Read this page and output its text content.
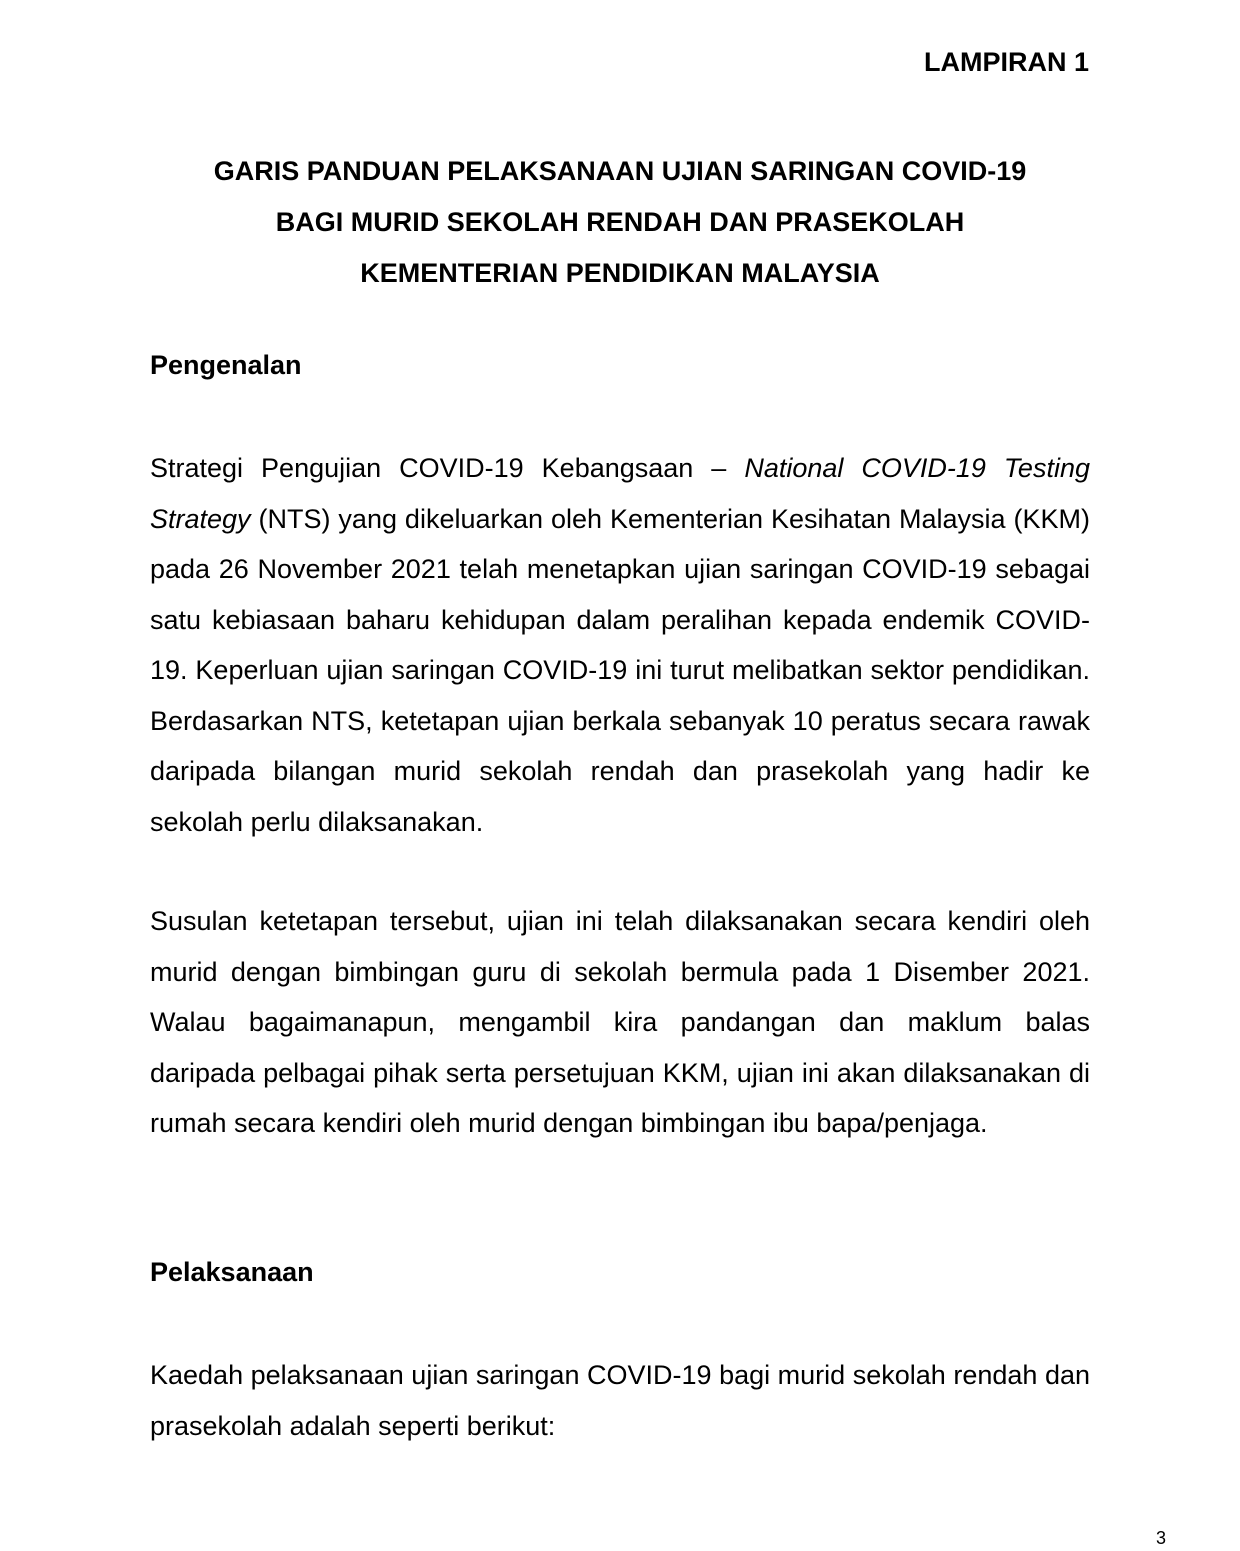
LAMPIRAN 1

GARIS PANDUAN PELAKSANAAN UJIAN SARINGAN COVID-19
BAGI MURID SEKOLAH RENDAH DAN PRASEKOLAH
KEMENTERIAN PENDIDIKAN MALAYSIA
Pengenalan

Strategi Pengujian COVID-19 Kebangsaan – National COVID-19 Testing Strategy (NTS) yang dikeluarkan oleh Kementerian Kesihatan Malaysia (KKM) pada 26 November 2021 telah menetapkan ujian saringan COVID-19 sebagai satu kebiasaan baharu kehidupan dalam peralihan kepada endemik COVID-19. Keperluan ujian saringan COVID-19 ini turut melibatkan sektor pendidikan. Berdasarkan NTS, ketetapan ujian berkala sebanyak 10 peratus secara rawak daripada bilangan murid sekolah rendah dan prasekolah yang hadir ke sekolah perlu dilaksanakan.

Susulan ketetapan tersebut, ujian ini telah dilaksanakan secara kendiri oleh murid dengan bimbingan guru di sekolah bermula pada 1 Disember 2021. Walau bagaimanapun, mengambil kira pandangan dan maklum balas daripada pelbagai pihak serta persetujuan KKM, ujian ini akan dilaksanakan di rumah secara kendiri oleh murid dengan bimbingan ibu bapa/penjaga.

Pelaksanaan

Kaedah pelaksanaan ujian saringan COVID-19 bagi murid sekolah rendah dan prasekolah adalah seperti berikut:

3
